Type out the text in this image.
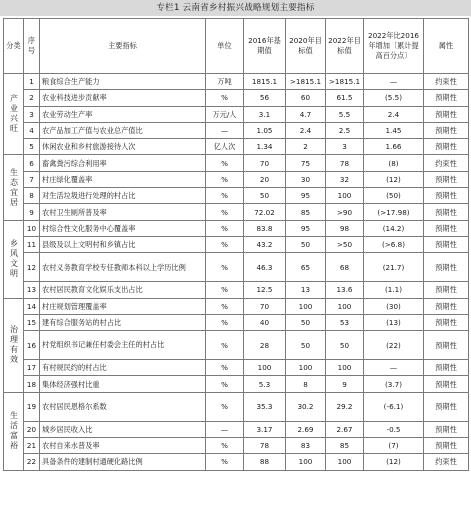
专栏1 云南省乡村振兴战略规划主要指标
分类	序号	主要指标	单位	2016年基期值	2020年目标值	2022年目标值	2022年比2016年增加〔累计提高百分点〕	属性
产业兴旺	1	粮食综合生产能力	万吨	1815.1	>1815.1	>1815.1	—	约束性
	2	农业科技进步贡献率	%	56	60	61.5	(5.5)	预期性
	3	农业劳动生产率	万元/人	3.1	4.7	5.5	2.4	预期性
	4	农产品加工产值与农业总产值比	—	1.05	2.4	2.5	1.45	预期性
	5	休闲农业和乡村旅游接待人次	亿人次	1.34	2	3	1.66	预期性
生态宜居	6	畜禽粪污综合利用率	%	70	75	78	(8)	约束性
	7	村庄绿化覆盖率	%	20	30	32	(12)	预期性
	8	对生活垃圾进行处理的村占比	%	50	95	100	(50)	预期性
	9	农村卫生厕所普及率	%	72.02	85	>90	(>17.98)	预期性
乡风文明	10	村综合性文化服务中心覆盖率	%	83.8	95	98	(14.2)	预期性
	11	县级及以上文明村和乡镇占比	%	43.2	50	>50	(>6.8)	预期性
	12	农村义务教育学校专任教师本科以上学历比例	%	46.3	65	68	(21.7)	预期性
	13	农村居民教育文化娱乐支出占比	%	12.5	13	13.6	(1.1)	预期性
治理有效	14	村庄规划管理覆盖率	%	70	100	100	(30)	预期性
	15	建有综合服务站的村占比	%	40	50	53	(13)	预期性
	16	村党组织书记兼任村委会主任的村占比	%	28	50	50	(22)	预期性
	17	有村规民约的村占比	%	100	100	100	—	预期性
	18	集体经济强村比重	%	5.3	8	9	(3.7)	预期性
生活富裕	19	农村居民恩格尔系数	%	35.3	30.2	29.2	(-6.1)	预期性
	20	城乡居民收入比	—	3.17	2.69	2.67	-0.5	预期性
	21	农村自来水普及率	%	78	83	85	(7)	预期性
	22	具备条件的建制村通硬化路比例	%	88	100	100	(12)	约束性
